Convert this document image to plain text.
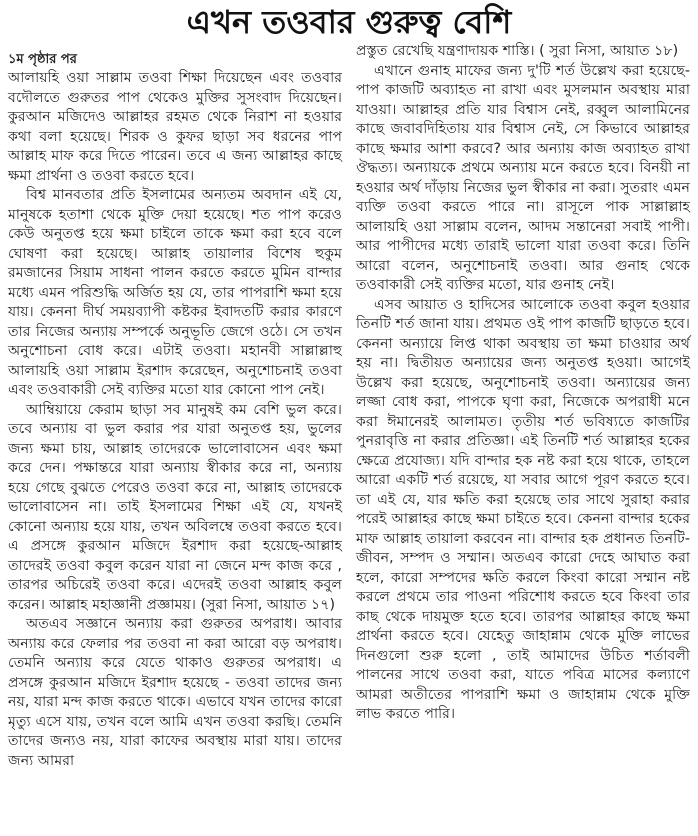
এখন তওবার গুরুত্ব বেশি

১ম পৃষ্ঠার পর

আলায়হি ওয়া সাল্লাম তওবা শিক্ষা দিয়েছেন এবং তওবার বদৌলতে গুরুতর পাপ থেকেও মুক্তির সুসংবাদ দিয়েছেন। কুরআন মজিদেও আল্লাহর রহমত থেকে নিরাশ না হওয়ার কথা বলা হয়েছে। শিরক ও কুফর ছাড়া সব ধরনের পাপ আল্লাহ মাফ করে দিতে পারেন। তবে এ জন্য আল্লাহর কাছে ক্ষমা প্রার্থনা ও তওবা করতে হবে।

বিশ্ব মানবতার প্রতি ইসলামের অন্যতম অবদান এই যে, মানুষকে হতাশা থেকে মুক্তি দেয়া হয়েছে। শত পাপ করেও কেউ অনুতপ্ত হয়ে ক্ষমা চাইলে তাকে ক্ষমা করা হবে বলে ঘোষণা করা হয়েছে। আল্লাহ তায়ালার বিশেষ হুকুম রমজানের সিয়াম সাধনা পালন করতে করতে মুমিন বান্দার মধ্যে এমন পরিশুদ্ধি অর্জিত হয় যে, তার পাপরাশি ক্ষমা হয়ে যায়। কেননা দীর্ঘ সময়ব্যাপী কষ্টকর ইবাদতটি করার কারণে তার নিজের অন্যায় সম্পর্কে অনুভূতি জেগে ওঠে। সে তখন অনুশোচনা বোধ করে। এটাই তওবা। মহানবী সাল্লাল্লাহু আলায়হি ওয়া সাল্লাম ইরশাদ করেছেন, অনুশোচনাই তওবা এবং তওবাকারী সেই ব্যক্তির মতো যার কোনো পাপ নেই।

আম্বিয়ায়ে কেরাম ছাড়া সব মানুষই কম বেশি ভুল করে। তবে অন্যায় বা ভুল করার পর যারা অনুতপ্ত হয়, ভুলের জন্য ক্ষমা চায়, আল্লাহ তাদেরকে ভালোবাসেন এবং ক্ষমা করে দেন। পক্ষান্তরে যারা অন্যায় স্বীকার করে না, অন্যায় হয়ে গেছে বুঝতে পেরেও তওবা করে না, আল্লাহ তাদেরকে ভালোবাসেন না। তাই ইসলামের শিক্ষা এই যে, যখনই কোনো অন্যায় হয়ে যায়, তখন অবিলম্বে তওবা করতে হবে। এ প্রসঙ্গে কুরআন মজিদে ইরশাদ করা হয়েছে-আল্লাহ তাদেরই তওবা কবুল করেন যারা না জেনে মন্দ কাজ করে , তারপর অচিরেই তওবা করে। এদেরই তওবা আল্লাহ কবুল করেন। আল্লাহ মহাজ্ঞানী প্রজ্ঞাময়। (সুরা নিসা, আয়াত ১৭)

অতএব সজ্ঞানে অন্যায় করা গুরুতর অপরাধ। আবার অন্যায় করে ফেলার পর তওবা না করা আরো বড় অপরাধ। তেমনি অন্যায় করে যেতে থাকাও গুরুতর অপরাধ। এ প্রসঙ্গে কুরআন মজিদে ইরশাদ হয়েছে - তওবা তাদের জন্য নয়, যারা মন্দ কাজ করতে থাকে। এভাবে যখন তাদের কারো মৃত্যু এসে যায়, তখন বলে আমি এখন তওবা করছি। তেমনি তাদের জন্যও নয়, যারা কাফের অবস্থায় মারা যায়। তাদের জন্য আমরা

প্রস্তুত রেখেছি যন্ত্রণাদায়ক শাস্তি। ( সুরা নিসা, আয়াত ১৮)

এখানে গুনাহ মাফের জন্য দু'টি শর্ত উল্লেখ করা হয়েছে- পাপ কাজটি অব্যাহত না রাখা এবং মুসলমান অবস্থায় মারা যাওয়া। আল্লাহর প্রতি যার বিশ্বাস নেই, রব্বুল আলামিনের কাছে জবাবদিহিতায় যার বিশ্বাস নেই, সে কিভাবে আল্লাহর কাছে ক্ষমার আশা করবে? আর অন্যায় কাজ অব্যাহত রাখা ঔদ্ধত্য। অন্যায়কে প্রথমে অন্যায় মনে করতে হবে। বিনয়ী না হওয়ার অর্থ দাঁড়ায় নিজের ভুল স্বীকার না করা। সুতরাং এমন ব্যক্তি তওবা করতে পারে না। রাসূলে পাক সাল্লাল্লাহ আলায়হি ওয়া সাল্লাম বলেন, আদম সন্তানেরা সবাই পাপী। আর পাপীদের মধ্যে তারাই ভালো যারা তওবা করে। তিনি আরো বলেন, অনুশোচনাই তওবা। আর গুনাহ থেকে তওবাকারী সেই ব্যক্তির মতো, যার গুনাহ নেই।

এসব আয়াত ও হাদিসের আলোকে তওবা কবুল হওয়ার তিনটি শর্ত জানা যায়। প্রথমত ওই পাপ কাজটি ছাড়তে হবে। কেননা অন্যায়ে লিপ্ত থাকা অবস্থায় তা ক্ষমা চাওয়ার অর্থ হয় না। দ্বিতীয়ত অন্যায়ের জন্য অনুতপ্ত হওয়া। আগেই উল্লেখ করা হয়েছে, অনুশোচনাই তওবা। অন্যায়ের জন্য লজ্জা বোধ করা, পাপকে ঘৃণা করা, নিজেকে অপরাধী মনে করা ঈমানেরই আলামত। তৃতীয় শর্ত ভবিষ্যতে কাজটির পুনরাবৃত্তি না করার প্রতিজ্ঞা। এই তিনটি শর্ত আল্লাহর হকের ক্ষেত্রে প্রযোজ্য। যদি বান্দার হক নষ্ট করা হয়ে থাকে, তাহলে আরো একটি শর্ত রয়েছে, যা সবার আগে পূরণ করতে হবে। তা এই যে, যার ক্ষতি করা হয়েছে তার সাথে সুরাহা করার পরেই আল্লাহর কাছে ক্ষমা চাইতে হবে। কেননা বান্দার হকের মাফ আল্লাহ তায়ালা করবেন না। বান্দার হক প্রধানত তিনটি- জীবন, সম্পদ ও সম্মান। অতএব কারো দেহে আঘাত করা হলে, কারো সম্পদের ক্ষতি করলে কিংবা কারো সম্মান নষ্ট করলে প্রথমে তার পাওনা পরিশোধ করতে হবে কিংবা তার কাছ থেকে দায়মুক্ত হতে হবে। তারপর আল্লাহর কাছে ক্ষমা প্রার্থনা করতে হবে। যেহেতু জাহান্নাম থেকে মুক্তি লাভের দিনগুলো শুরু হলো , তাই আমাদের উচিত শর্তাবলী পালনের সাথে তওবা করা, যাতে পবিত্র মাসের কল্যাণে আমরা অতীতের পাপরাশি ক্ষমা ও জাহান্নাম থেকে মুক্তি লাভ করতে পারি।
